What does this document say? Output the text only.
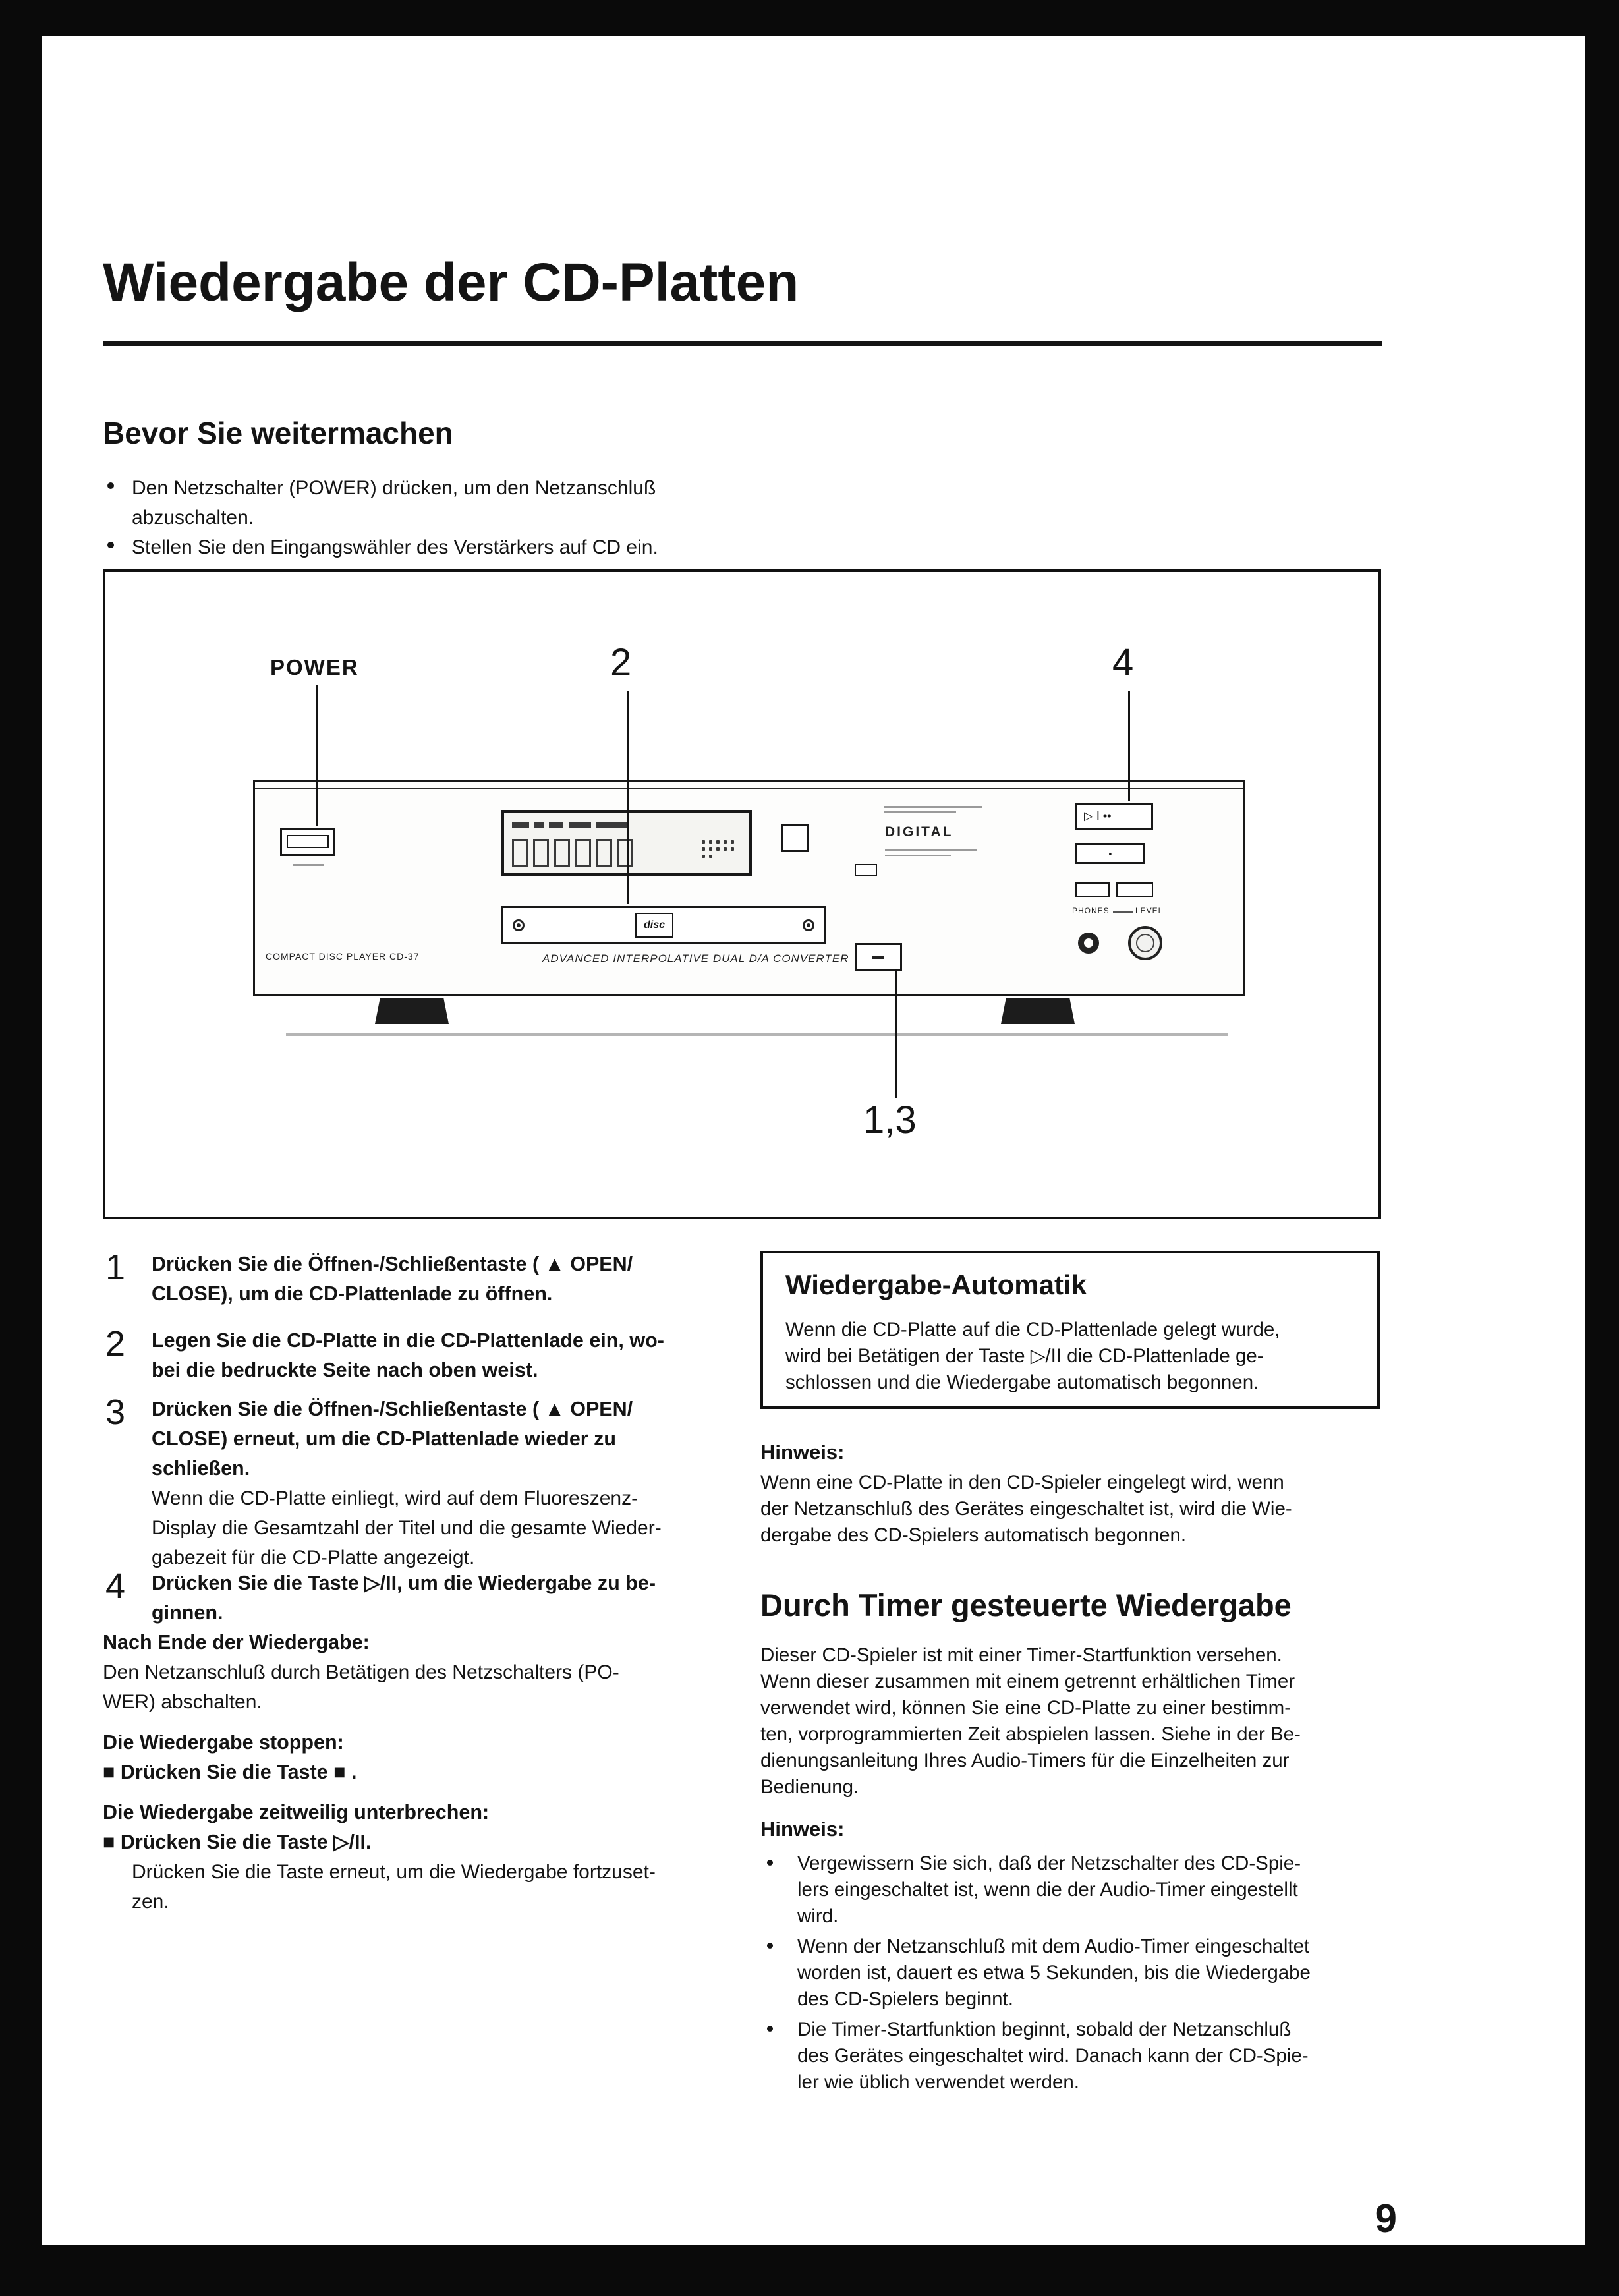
Wiedergabe der CD-Platten
Bevor Sie weitermachen
Den Netzschalter (POWER) drücken, um den Netzanschluß
abzuschalten.
Stellen Sie den Eingangswähler des Verstärkers auf CD ein.
DIGITAL
▷ I ••
▪
PHONES	LEVEL
disc
COMPACT DISC PLAYER CD-37	ADVANCED INTERPOLATIVE DUAL D/A CONVERTER
POWER	2	4
1,3
1 Drücken Sie die Öffnen-/Schließentaste ( ▲ OPEN/
CLOSE), um die CD-Plattenlade zu öffnen.
2 Legen Sie die CD-Platte in die CD-Plattenlade ein, wo-
bei die bedruckte Seite nach oben weist.
3 Drücken Sie die Öffnen-/Schließentaste ( ▲ OPEN/
CLOSE) erneut, um die CD-Plattenlade wieder zu
schließen.
Wenn die CD-Platte einliegt, wird auf dem Fluoreszenz-
Display die Gesamtzahl der Titel und die gesamte Wieder-
gabezeit für die CD-Platte angezeigt.
4 Drücken Sie die Taste ▷/II, um die Wiedergabe zu be-
ginnen.
Nach Ende der Wiedergabe:
Den Netzanschluß durch Betätigen des Netzschalters (PO-
WER) abschalten.
Die Wiedergabe stoppen:
■ Drücken Sie die Taste ■ .
Die Wiedergabe zeitweilig unterbrechen:
■ Drücken Sie die Taste ▷/II.
Drücken Sie die Taste erneut, um die Wiedergabe fortzuset-
zen.
Wiedergabe-Automatik
Wenn die CD-Platte auf die CD-Plattenlade gelegt wurde,
wird bei Betätigen der Taste ▷/II die CD-Plattenlade ge-
schlossen und die Wiedergabe automatisch begonnen.
Hinweis:
Wenn eine CD-Platte in den CD-Spieler eingelegt wird, wenn
der Netzanschluß des Gerätes eingeschaltet ist, wird die Wie-
dergabe des CD-Spielers automatisch begonnen.
Durch Timer gesteuerte Wiedergabe
Dieser CD-Spieler ist mit einer Timer-Startfunktion versehen.
Wenn dieser zusammen mit einem getrennt erhältlichen Timer
verwendet wird, können Sie eine CD-Platte zu einer bestimm-
ten, vorprogrammierten Zeit abspielen lassen. Siehe in der Be-
dienungsanleitung Ihres Audio-Timers für die Einzelheiten zur
Bedienung.
Hinweis:
Vergewissern Sie sich, daß der Netzschalter des CD-Spie-
lers eingeschaltet ist, wenn die der Audio-Timer eingestellt
wird.
Wenn der Netzanschluß mit dem Audio-Timer eingeschaltet
worden ist, dauert es etwa 5 Sekunden, bis die Wiedergabe
des CD-Spielers beginnt.
Die Timer-Startfunktion beginnt, sobald der Netzanschluß
des Gerätes eingeschaltet wird. Danach kann der CD-Spie-
ler wie üblich verwendet werden.
9
